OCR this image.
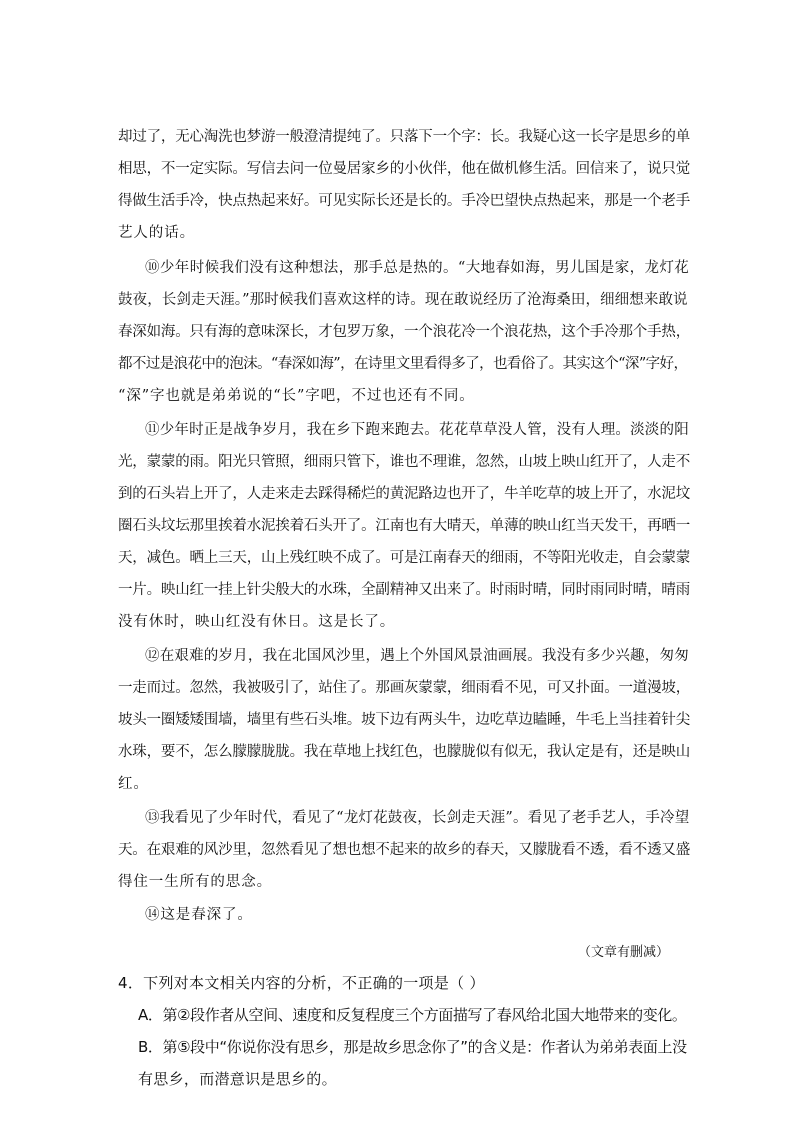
却过了，无心淘洗也梦游一般澄清提纯了。只落下一个字：长。我疑心这一长字是思乡的单
相思，不一定实际。写信去问一位曼居家乡的小伙伴，他在做机修生活。回信来了，说只觉
得做生活手冷，快点热起来好。可见实际长还是长的。手冷巴望快点热起来，那是一个老手
艺人的话。
⑩少年时候我们没有这种想法，那手总是热的。“大地春如海，男儿国是家，龙灯花
鼓夜，长剑走天涯。”那时候我们喜欢这样的诗。现在敢说经历了沧海桑田，细细想来敢说
春深如海。只有海的意味深长，才包罗万象，一个浪花冷一个浪花热，这个手冷那个手热，
都不过是浪花中的泡沫。“春深如海”，在诗里文里看得多了，也看俗了。其实这个“深”字好，
“深”字也就是弟弟说的“长”字吧，不过也还有不同。
⑪少年时正是战争岁月，我在乡下跑来跑去。花花草草没人管，没有人理。淡淡的阳
光，蒙蒙的雨。阳光只管照，细雨只管下，谁也不理谁，忽然，山坡上映山红开了，人走不
到的石头岩上开了，人走来走去踩得稀烂的黄泥路边也开了，牛羊吃草的坡上开了，水泥坟
圈石头坟坛那里挨着水泥挨着石头开了。江南也有大晴天，单薄的映山红当天发干，再晒一
天，减色。晒上三天，山上残红映不成了。可是江南春天的细雨，不等阳光收走，自会蒙蒙
一片。映山红一挂上针尖般大的水珠，全副精神又出来了。时雨时晴，同时雨同时晴，晴雨
没有休时，映山红没有休日。这是长了。
⑫在艰难的岁月，我在北国风沙里，遇上个外国风景油画展。我没有多少兴趣，匆匆
一走而过。忽然，我被吸引了，站住了。那画灰蒙蒙，细雨看不见，可又扑面。一道漫坡，
坡头一圈矮矮围墙，墙里有些石头堆。坡下边有两头牛，边吃草边瞌睡，牛毛上当挂着针尖
水珠，要不，怎么朦朦胧胧。我在草地上找红色，也朦胧似有似无，我认定是有，还是映山
红。
⑬我看见了少年时代，看见了“龙灯花鼓夜，长剑走天涯”。看见了老手艺人，手冷望
天。在艰难的风沙里，忽然看见了想也想不起来的故乡的春天，又朦胧看不透，看不透又盛
得住一生所有的思念。
⑭这是春深了。
（文章有删减）
4．下列对本文相关内容的分析，不正确的一项是（ ）
A．第②段作者从空间、速度和反复程度三个方面描写了春风给北国大地带来的变化。
B．第⑤段中“你说你没有思乡，那是故乡思念你了”的含义是：作者认为弟弟表面上没
有思乡，而潜意识是思乡的。
